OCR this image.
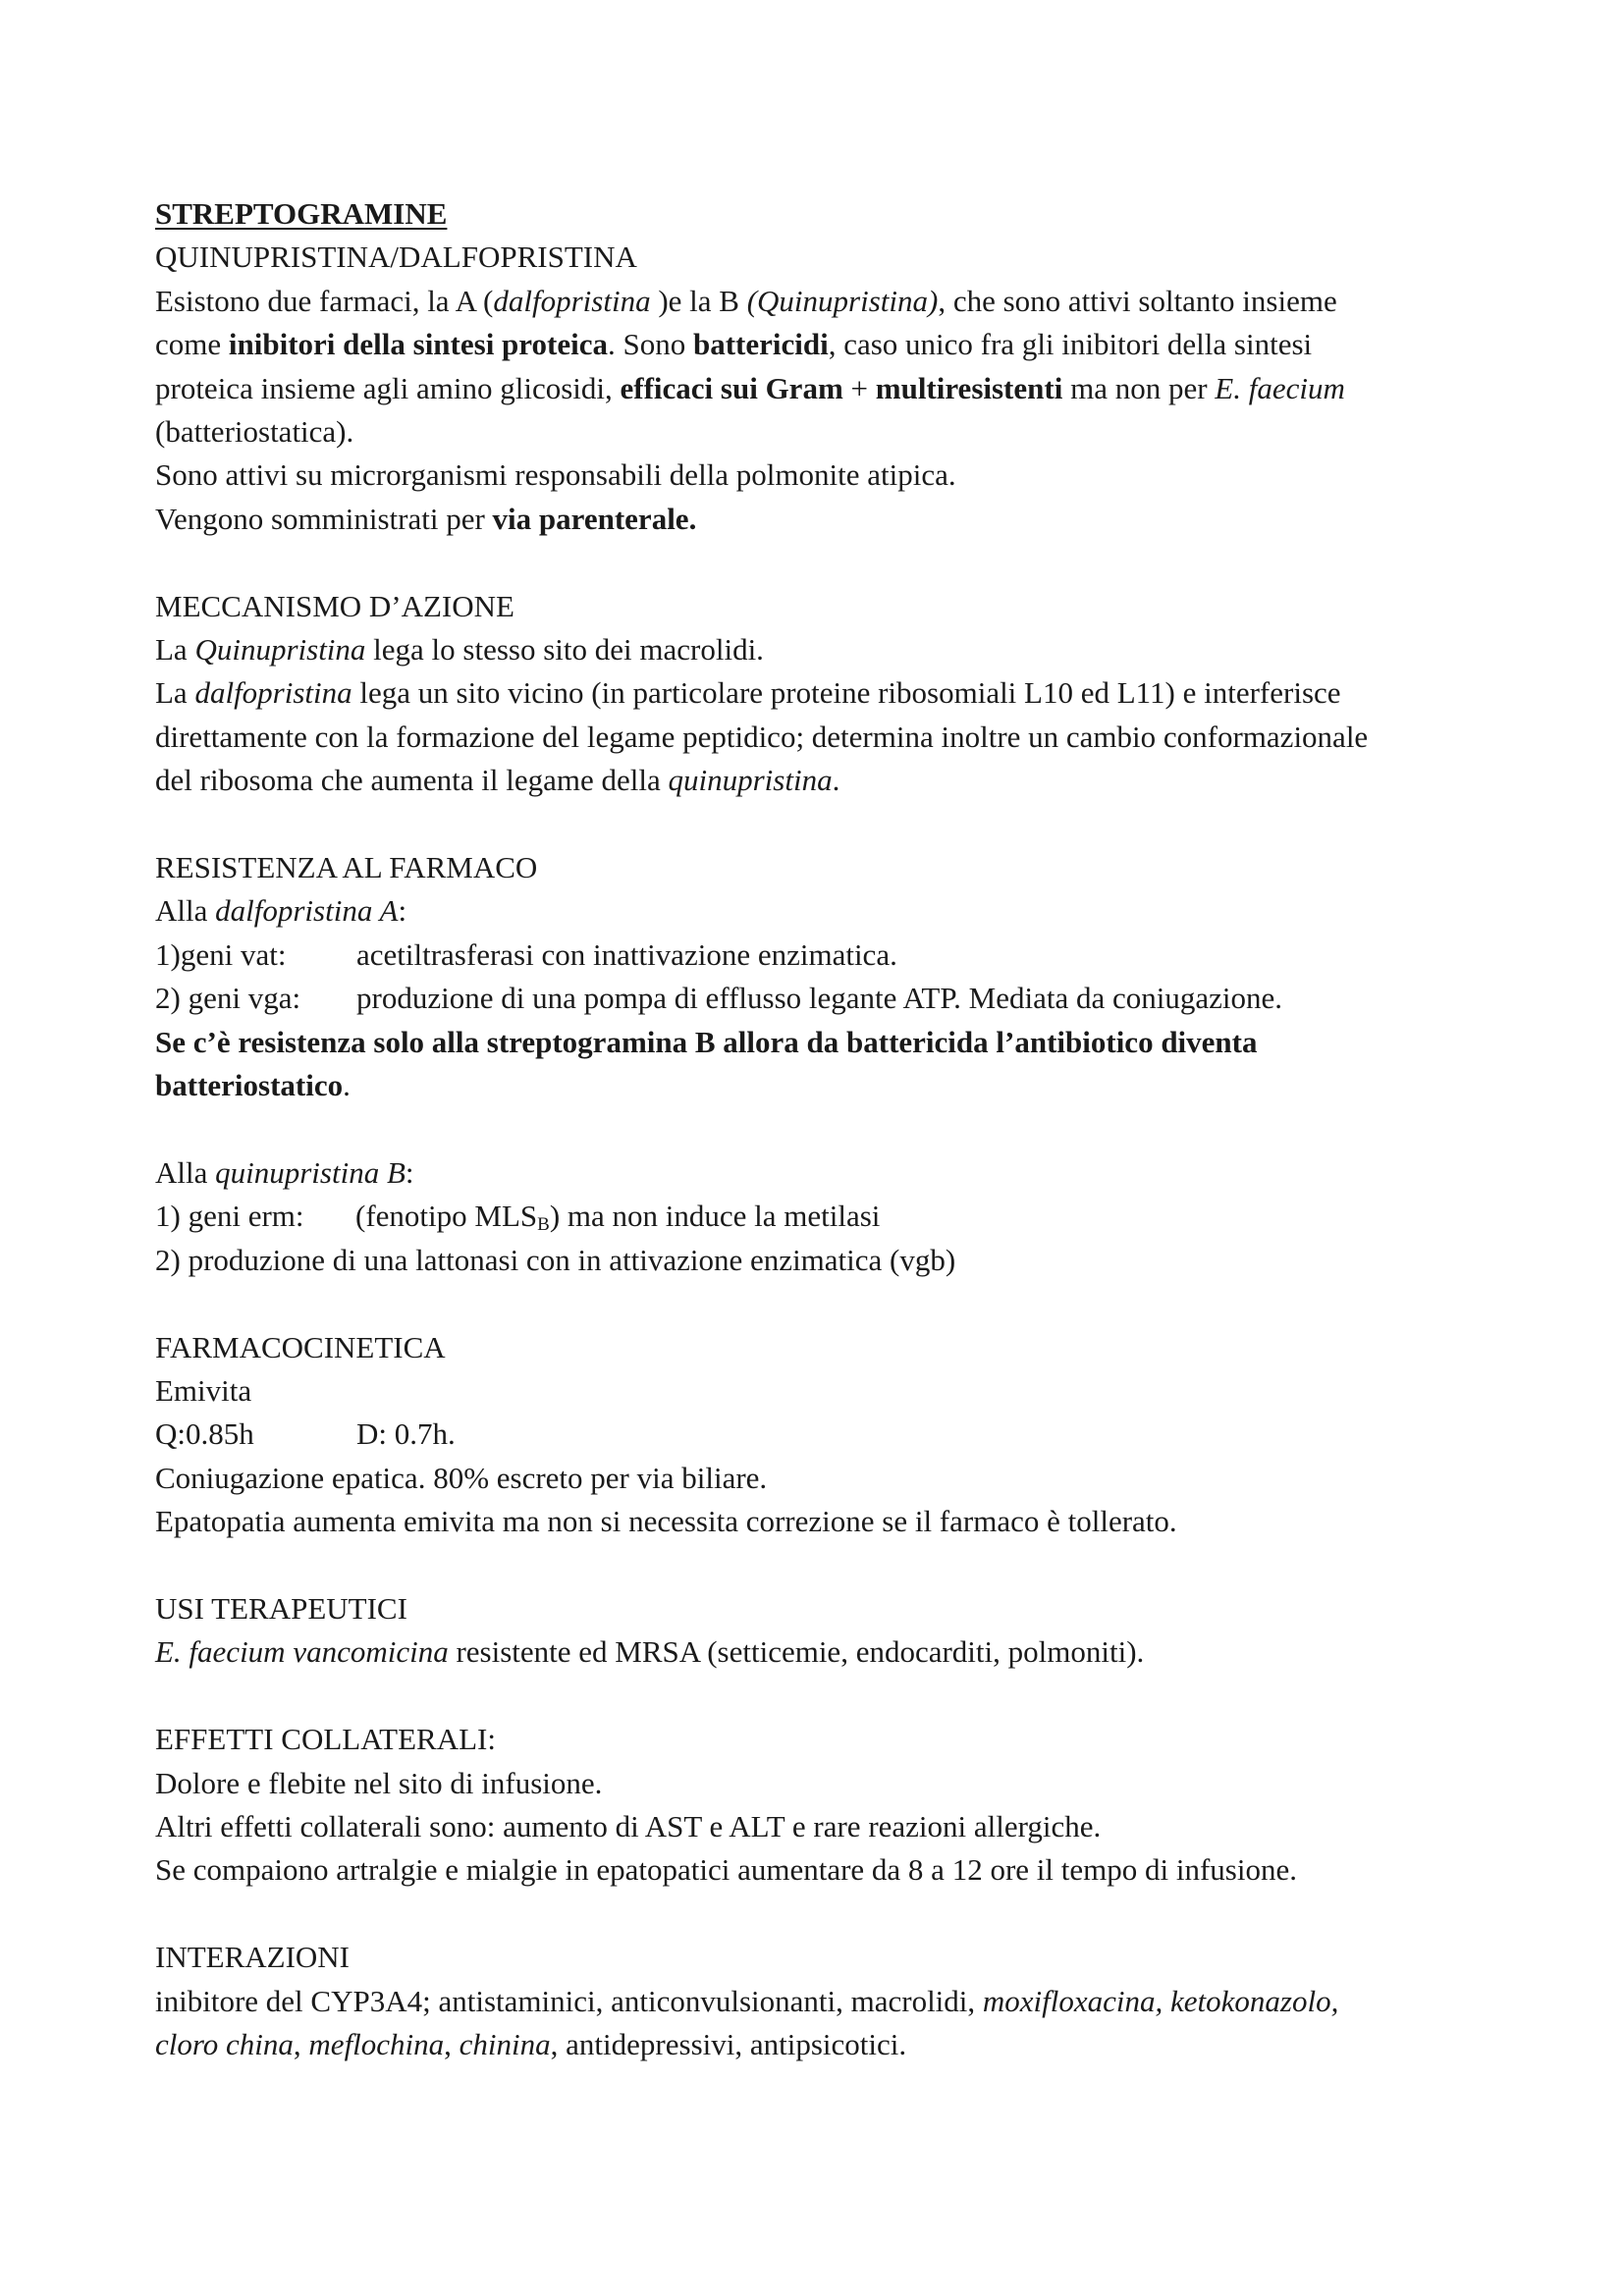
STREPTOGRAMINE
QUINUPRISTINA/DALFOPRISTINA
Esistono due farmaci, la A (dalfopristina )e la B (Quinupristina), che sono attivi soltanto insieme
come inibitori della sintesi proteica. Sono battericidi, caso unico fra gli inibitori della sintesi
proteica insieme agli amino glicosidi, efficaci sui Gram + multiresistenti ma non per E. faecium
(batteriostatica).
Sono attivi su microrganismi responsabili della polmonite atipica.
Vengono somministrati per via parenterale.
MECCANISMO D’AZIONE
La Quinupristina lega lo stesso sito dei macrolidi.
La dalfopristina lega un sito vicino (in particolare proteine ribosomiali L10 ed L11) e interferisce
direttamente con la formazione del legame peptidico; determina inoltre un cambio conformazionale
del ribosoma che aumenta il legame della quinupristina.
RESISTENZA AL FARMACO
Alla dalfopristina A:
1)geni vat: acetiltrasferasi con inattivazione enzimatica.
2) geni vga: produzione di una pompa di efflusso legante ATP. Mediata da coniugazione.
Se c’è resistenza solo alla streptogramina B allora da battericida l’antibiotico diventa
batteriostatico.
Alla quinupristina B:
1) geni erm: (fenotipo $MLS_B$) ma non induce la metilasi
2) produzione di una lattonasi con in attivazione enzimatica (vgb)
FARMACOCINETICA
Emivita
Q:0.85h	D: 0.7h.
Coniugazione epatica. 80% escreto per via biliare.
Epatopatia aumenta emivita ma non si necessita correzione se il farmaco è tollerato.
USI TERAPEUTICI
E. faecium vancomicina resistente ed MRSA (setticemie, endocarditi, polmoniti).
EFFETTI COLLATERALI:
Dolore e flebite nel sito di infusione.
Altri effetti collaterali sono: aumento di AST e ALT e rare reazioni allergiche.
Se compaiono artralgie e mialgie in epatopatici aumentare da 8 a 12 ore il tempo di infusione.
INTERAZIONI
inibitore del CYP3A4; antistaminici, anticonvulsionanti, macrolidi, moxifloxacina, ketokonazolo,
cloro china, meflochina, chinina, antidepressivi, antipsicotici.
